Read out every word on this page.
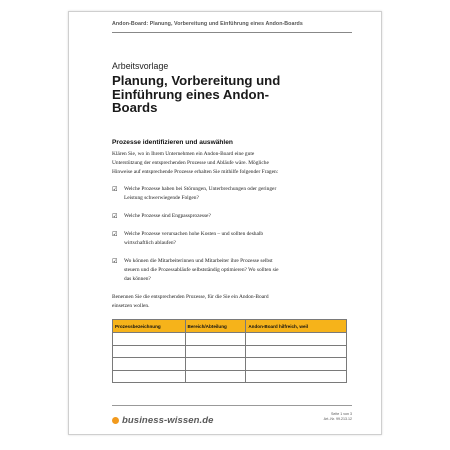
Andon-Board: Planung, Vorbereitung und Einführung eines Andon-Boards
Arbeitsvorlage
Planung, Vorbereitung und
Einführung eines Andon-
Boards
Prozesse identifizieren und auswählen
Klären Sie, wo in Ihrem Unternehmen ein Andon-Board eine gute
Unterstützung der entsprechenden Prozesse und Abläufe wäre. Mögliche
Hinweise auf entsprechende Prozesse erhalten Sie mithilfe folgender Fragen:
☑ Welche Prozesse haben bei Störungen, Unterbrechungen oder geringer
Leistung schwerwiegende Folgen?
☑ Welche Prozesse sind Engpassprozesse?
☑ Welche Prozesse verursachen hohe Kosten – und sollten deshalb
wirtschaftlich ablaufen?
☑ Wo können die Mitarbeiterinnen und Mitarbeiter ihre Prozesse selbst
steuern und die Prozessabläufe selbstständig optimieren? Wo sollten sie
das können?
Benennen Sie die entsprechenden Prozesse, für die Sie ein Andon-Board
einsetzen wollen.
Prozessbezeichnung	Bereich/Abteilung	Andon-Board hilfreich, weil

business-wissen.de
Seite 1 von 3
Art.-Nr. 99.213.12
